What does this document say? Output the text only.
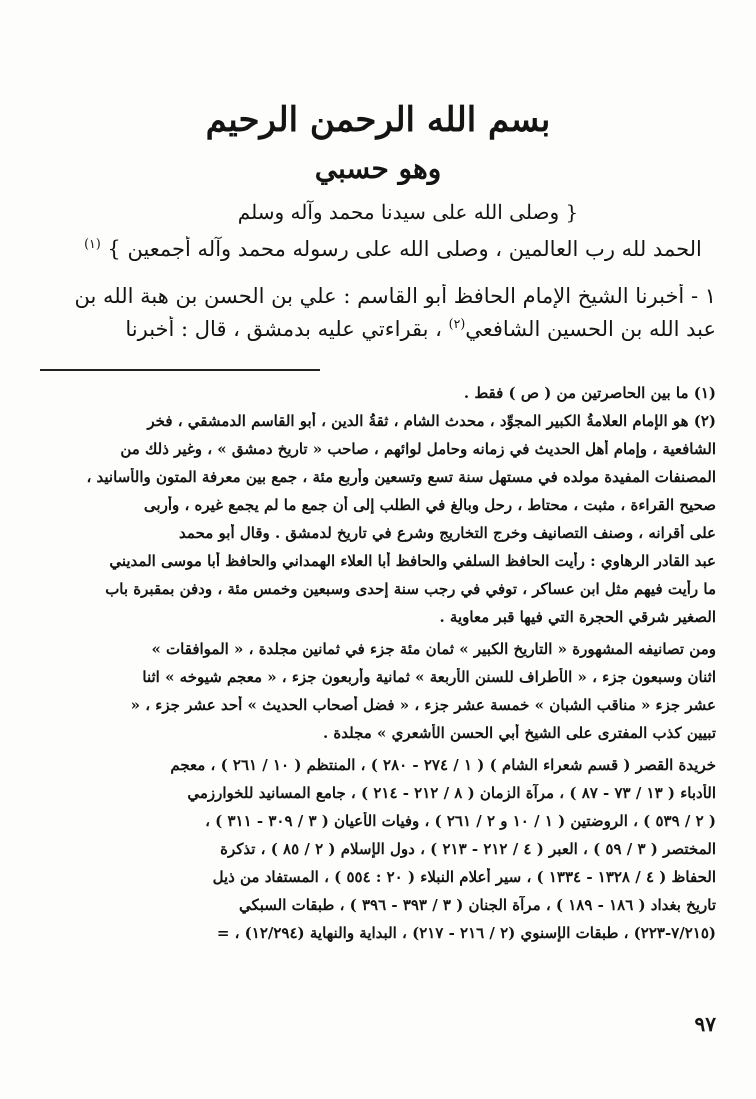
بسم الله الرحمن الرحيم
وهو حسبي
{ وصلى الله على سيدنا محمد وآله وسلم
الحمد لله رب العالمين ، وصلى الله على رسوله محمد وآله أجمعين } $^{(١)}$
١ - أخبرنا الشيخ الإمام الحافظ أبو القاسم : علي بن الحسن بن هبة الله بن
عبد الله بن الحسين الشافعي$^{(٢)}$ ، بقراءتي عليه بدمشق ، قال : أخبرنا
(١) ما بين الحاصرتين من ( ص ) فقط .
(٢) هو الإمام العلامةُ الكبير المجوِّد ، محدث الشام ، ثقةُ الدين ، أبو القاسم الدمشقي ، فخر
الشافعية ، وإمام أهل الحديث في زمانه وحامل لوائهم ، صاحب « تاريخ دمشق » ، وغير ذلك من
المصنفات المفيدة مولده في مستهل سنة تسع وتسعين وأربع مئة ، جمع بين معرفة المتون والأسانيد ،
صحيح القراءة ، مثبت ، محتاط ، رحل وبالغ في الطلب إلى أن جمع ما لم يجمع غيره ، وأربى
على أقرانه ، وصنف التصانيف وخرج التخاريج وشرع في تاريخ لدمشق . وقال أبو محمد
عبد القادر الرهاوي : رأيت الحافظ السلفي والحافظ أبا العلاء الهمداني والحافظ أبا موسى المديني
ما رأيت فيهم مثل ابن عساكر ، توفي في رجب سنة إحدى وسبعين وخمس مئة ، ودفن بمقبرة باب
الصغير شرقي الحجرة التي فيها قبر معاوية .
ومن تصانيفه المشهورة « التاريخ الكبير » ثمان مئة جزء في ثمانين مجلدة ، « الموافقات »
اثنان وسبعون جزء ، « الأطراف للسنن الأربعة » ثمانية وأربعون جزء ، « معجم شيوخه » اثنا
عشر جزء « مناقب الشبان » خمسة عشر جزء ، « فضل أصحاب الحديث » أحد عشر جزء ، «
تبيين كذب المفترى على الشيخ أبي الحسن الأشعري » مجلدة .
خريدة القصر ( قسم شعراء الشام ) ( ١ / ٢٧٤ - ٢٨٠ ) ، المنتظم ( ١٠ / ٢٦١ ) ، معجم
الأدباء ( ١٣ / ٧٣ - ٨٧ ) ، مرآة الزمان ( ٨ / ٢١٢ - ٢١٤ ) ، جامع المسانيد للخوارزمي
( ٢ / ٥٣٩ ) ، الروضتين ( ١ / ١٠ و ٢ / ٢٦١ ) ، وفيات الأعيان ( ٣ / ٣٠٩ - ٣١١ ) ،
المختصر ( ٣ / ٥٩ ) ، العبر ( ٤ / ٢١٢ - ٢١٣ ) ، دول الإسلام ( ٢ / ٨٥ ) ، تذكرة
الحفاظ ( ٤ / ١٣٢٨ - ١٣٣٤ ) ، سير أعلام النبلاء ( ٢٠ : ٥٥٤ ) ، المستفاد من ذيل
تاريخ بغداد ( ١٨٦ - ١٨٩ ) ، مرآة الجنان ( ٣ / ٣٩٣ - ٣٩٦ ) ، طبقات السبكي
(٧/٢١٥-٢٢٣) ، طبقات الإسنوي (٢ / ٢١٦ - ٢١٧) ، البداية والنهاية (١٢/٢٩٤) ، =
٩٧
